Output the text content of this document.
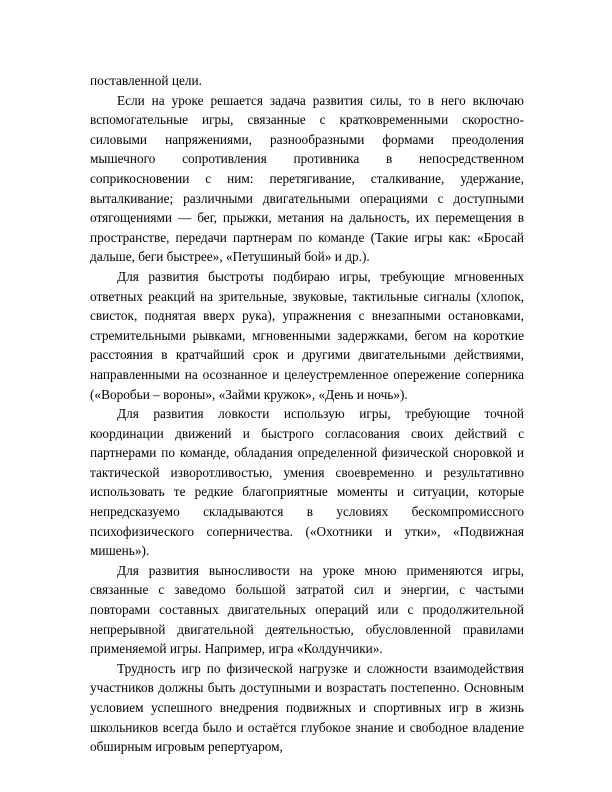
поставленной цели.

Если на уроке решается задача развития силы, то в него включаю вспомогательные игры, связанные с кратковременными скоростно-силовыми напряжениями, разнообразными формами преодоления мышечного сопротивления противника в непосредственном соприкосновении с ним: перетягивание, сталкивание, удержание, выталкивание; различными двигательными операциями с доступными отягощениями — бег, прыжки, метания на дальность, их перемещения в пространстве, передачи партнерам по команде (Такие игры как: «Бросай дальше, беги быстрее», «Петушиный бой» и др.).

Для развития быстроты подбираю игры, требующие мгновенных ответных реакций на зрительные, звуковые, тактильные сигналы (хлопок, свисток, поднятая вверх рука), упражнения с внезапными остановками, стремительными рывками, мгновенными задержками, бегом на короткие расстояния в кратчайший срок и другими двигательными действиями, направленными на осознанное и целеустремленное опережение соперника («Воробьи – вороны», «Займи кружок», «День и ночь»).

Для развития ловкости использую игры, требующие точной координации движений и быстрого согласования своих действий с партнерами по команде, обладания определенной физической сноровкой и тактической изворотливостью, умения своевременно и результативно использовать те редкие благоприятные моменты и ситуации, которые непредсказуемо складываются в условиях бескомпромиссного психофизического соперничества. («Охотники и утки», «Подвижная мишень»).

Для развития выносливости на уроке мною применяются игры, связанные с заведомо большой затратой сил и энергии, с частыми повторами составных двигательных операций или с продолжительной непрерывной двигательной деятельностью, обусловленной правилами применяемой игры. Например, игра «Колдунчики».

Трудность игр по физической нагрузке и сложности взаимодействия участников должны быть доступными и возрастать постепенно. Основным условием успешного внедрения подвижных и спортивных игр в жизнь школьников всегда было и остаётся глубокое знание и свободное владение обширным игровым репертуаром,
